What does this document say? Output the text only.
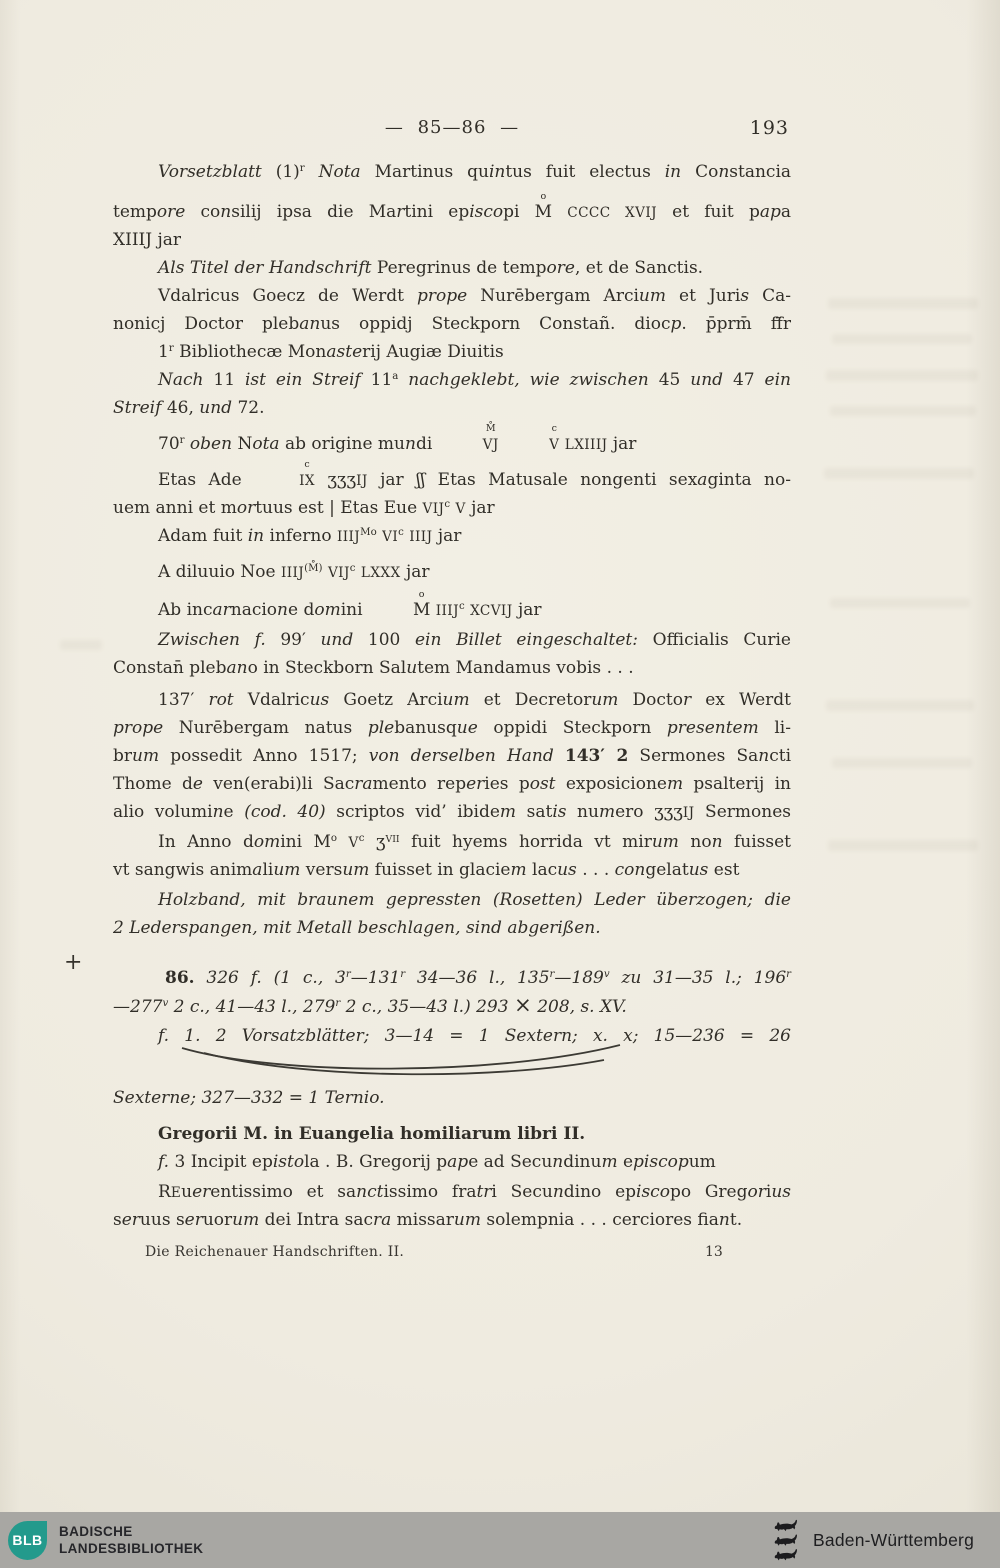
— 85—86 —	193
+
Vorsetzblatt $(1)^r$ Nota Martinus quintus fuit electus in Constancia
tempore consilij ipsa die Martini episcopi
o
M CCCC XVIJ et fuit papa
XIIIJ jar
Als Titel der Handschrift Peregrinus de tempore, et de Sanctis.
Vdalricus Goecz de Werdt prope Nurēbergam Arcium et Juris Ca-
nonicj Doctor plebanus oppidj Steckporn Constañ. diocp. p̄prm̄ ff̃r
1$^r$ Bibliothecæ Monasterij Augiæ Diuitis
Nach 11 ist ein Streif 11$^a$ nachgeklebt, wie zwischen 45 und 47 ein
Streif 46, und 72.
70$^r$ oben Nota ab origine mundi
M̊
VJ
c
V LXIIIJ jar
Etas Ade
c
IX ʒʒʒIJ jar ʃʃ Etas Matusale nongenti sexaginta no-
uem anni et mortuus est | Etas Eue VIJ$^c$ V jar
Adam fuit in inferno $IIIJ^{Mo}$ $VI^c$ IIIJ jar
A diluuio Noe $IIIJ^{(M̊)}$ VIJ$^c$ LXXX jar
Ab incarnacione domini
o
M IIIJ$^c$ XCVIJ jar
Zwischen f. 99′ und 100 ein Billet eingeschaltet: Officialis Curie
Constan̄ plebano in Steckborn Salutem Mandamus vobis . . .
137′ rot Vdalricus Goetz Arcium et Decretorum Doctor ex Werdt
prope Nurēbergam natus plebanusque oppidi Steckporn presentem li-
brum possedit Anno 1517; von derselben Hand 143′ 2 Sermones Sancti
Thome de ven(erabi)li Sacramento reperies post exposicionem psalterij in
alio volumine (cod. 40) scriptos vid’ ibidem satis numero ʒʒʒIJ Sermones
In Anno domini $M^o$ $V^c$ ʒ$^{VII}$ fuit hyems horrida vt mirum non fuisset
vt sangwis animalium versum fuisset in glaciem lacus . . . congelatus est
Holzband, mit braunem gepressten (Rosetten) Leder überzogen; die
2 Lederspangen, mit Metall beschlagen, sind abgerißen.
86. 326 f. (1 c., 3$^r$—131$^r$ 34—36 l., 135$^r$—189$^v$ zu 31—35 l.; 196$^r$
—277$^v$ 2 c., 41—43 l., 279$^r$ 2 c., 35—43 l.) 293 × 208, s. XV.
f. 1. 2 Vorsatzblätter; 3—14 = 1 Sextern; x. x; 15—236 = 26
Sexterne; 327—332 = 1 Ternio.
Gregorii M. in Euangelia homiliarum libri II.
f. 3 Incipit epistola . B. Gregorij pape ad Secundinum episcopum
REuerentissimo et sanctissimo fratri Secundino episcopo Gregorius
seruus seruorum dei Intra sacra missarum solempnia . . . cerciores fiant.
Die Reichenauer Handschriften. II.	13
BLB
BADISCHE
LANDESBIBLIOTHEK	Baden-Württemberg
